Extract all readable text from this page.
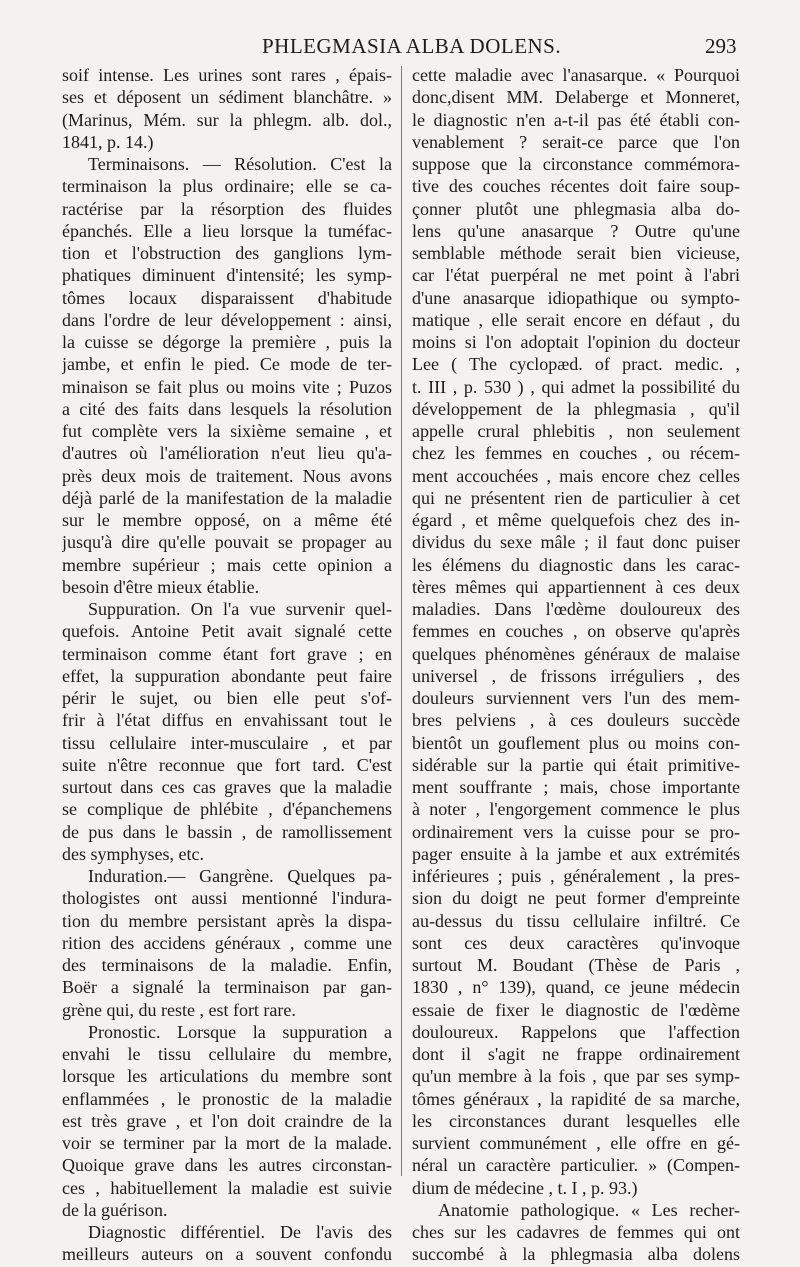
PHLEGMASIA ALBA DOLENS.	293
soif intense. Les urines sont rares , épais-
ses et déposent un sédiment blanchâtre. »
(Marinus, Mém. sur la phlegm. alb. dol.,
1841, p. 14.)
Terminaisons. — Résolution. C'est la
terminaison la plus ordinaire; elle se ca-
ractérise par la résorption des fluides
épanchés. Elle a lieu lorsque la tuméfac-
tion et l'obstruction des ganglions lym-
phatiques diminuent d'intensité; les symp-
tômes locaux disparaissent d'habitude
dans l'ordre de leur développement : ainsi,
la cuisse se dégorge la première , puis la
jambe, et enfin le pied. Ce mode de ter-
minaison se fait plus ou moins vite ; Puzos
a cité des faits dans lesquels la résolution
fut complète vers la sixième semaine , et
d'autres où l'amélioration n'eut lieu qu'a-
près deux mois de traitement. Nous avons
déjà parlé de la manifestation de la maladie
sur le membre opposé, on a même été
jusqu'à dire qu'elle pouvait se propager au
membre supérieur ; mais cette opinion a
besoin d'être mieux établie.
Suppuration. On l'a vue survenir quel-
quefois. Antoine Petit avait signalé cette
terminaison comme étant fort grave ; en
effet, la suppuration abondante peut faire
périr le sujet, ou bien elle peut s'of-
frir à l'état diffus en envahissant tout le
tissu cellulaire inter-musculaire , et par
suite n'être reconnue que fort tard. C'est
surtout dans ces cas graves que la maladie
se complique de phlébite , d'épanchemens
de pus dans le bassin , de ramollissement
des symphyses, etc.
Induration.— Gangrène. Quelques pa-
thologistes ont aussi mentionné l'indura-
tion du membre persistant après la dispa-
rition des accidens généraux , comme une
des terminaisons de la maladie. Enfin,
Boër a signalé la terminaison par gan-
grène qui, du reste , est fort rare.
Pronostic. Lorsque la suppuration a
envahi le tissu cellulaire du membre,
lorsque les articulations du membre sont
enflammées , le pronostic de la maladie
est très grave , et l'on doit craindre de la
voir se terminer par la mort de la malade.
Quoique grave dans les autres circonstan-
ces , habituellement la maladie est suivie
de la guérison.
Diagnostic différentiel. De l'avis des
meilleurs auteurs on a souvent confondu
cette maladie avec l'anasarque. « Pourquoi
donc,disent MM. Delaberge et Monneret,
le diagnostic n'en a-t-il pas été établi con-
venablement ? serait-ce parce que l'on
suppose que la circonstance commémora-
tive des couches récentes doit faire soup-
çonner plutôt une phlegmasia alba do-
lens qu'une anasarque ? Outre qu'une
semblable méthode serait bien vicieuse,
car l'état puerpéral ne met point à l'abri
d'une anasarque idiopathique ou sympto-
matique , elle serait encore en défaut , du
moins si l'on adoptait l'opinion du docteur
Lee ( The cyclopæd. of pract. medic. ,
t. III , p. 530 ) , qui admet la possibilité du
développement de la phlegmasia , qu'il
appelle crural phlebitis , non seulement
chez les femmes en couches , ou récem-
ment accouchées , mais encore chez celles
qui ne présentent rien de particulier à cet
égard , et même quelquefois chez des in-
dividus du sexe mâle ; il faut donc puiser
les élémens du diagnostic dans les carac-
tères mêmes qui appartiennent à ces deux
maladies. Dans l'œdème douloureux des
femmes en couches , on observe qu'après
quelques phénomènes généraux de malaise
universel , de frissons irréguliers , des
douleurs surviennent vers l'un des mem-
bres pelviens , à ces douleurs succède
bientôt un gouflement plus ou moins con-
sidérable sur la partie qui était primitive-
ment souffrante ; mais, chose importante
à noter , l'engorgement commence le plus
ordinairement vers la cuisse pour se pro-
pager ensuite à la jambe et aux extrémités
inférieures ; puis , généralement , la pres-
sion du doigt ne peut former d'empreinte
au-dessus du tissu cellulaire infiltré. Ce
sont ces deux caractères qu'invoque
surtout M. Boudant (Thèse de Paris ,
1830 , n° 139), quand, ce jeune médecin
essaie de fixer le diagnostic de l'œdème
douloureux. Rappelons que l'affection
dont il s'agit ne frappe ordinairement
qu'un membre à la fois , que par ses symp-
tômes généraux , la rapidité de sa marche,
les circonstances durant lesquelles elle
survient communément , elle offre en gé-
néral un caractère particulier. » (Compen-
dium de médecine , t. I , p. 93.)
Anatomie pathologique. « Les recher-
ches sur les cadavres de femmes qui ont
succombé à la phlegmasia alba dolens
